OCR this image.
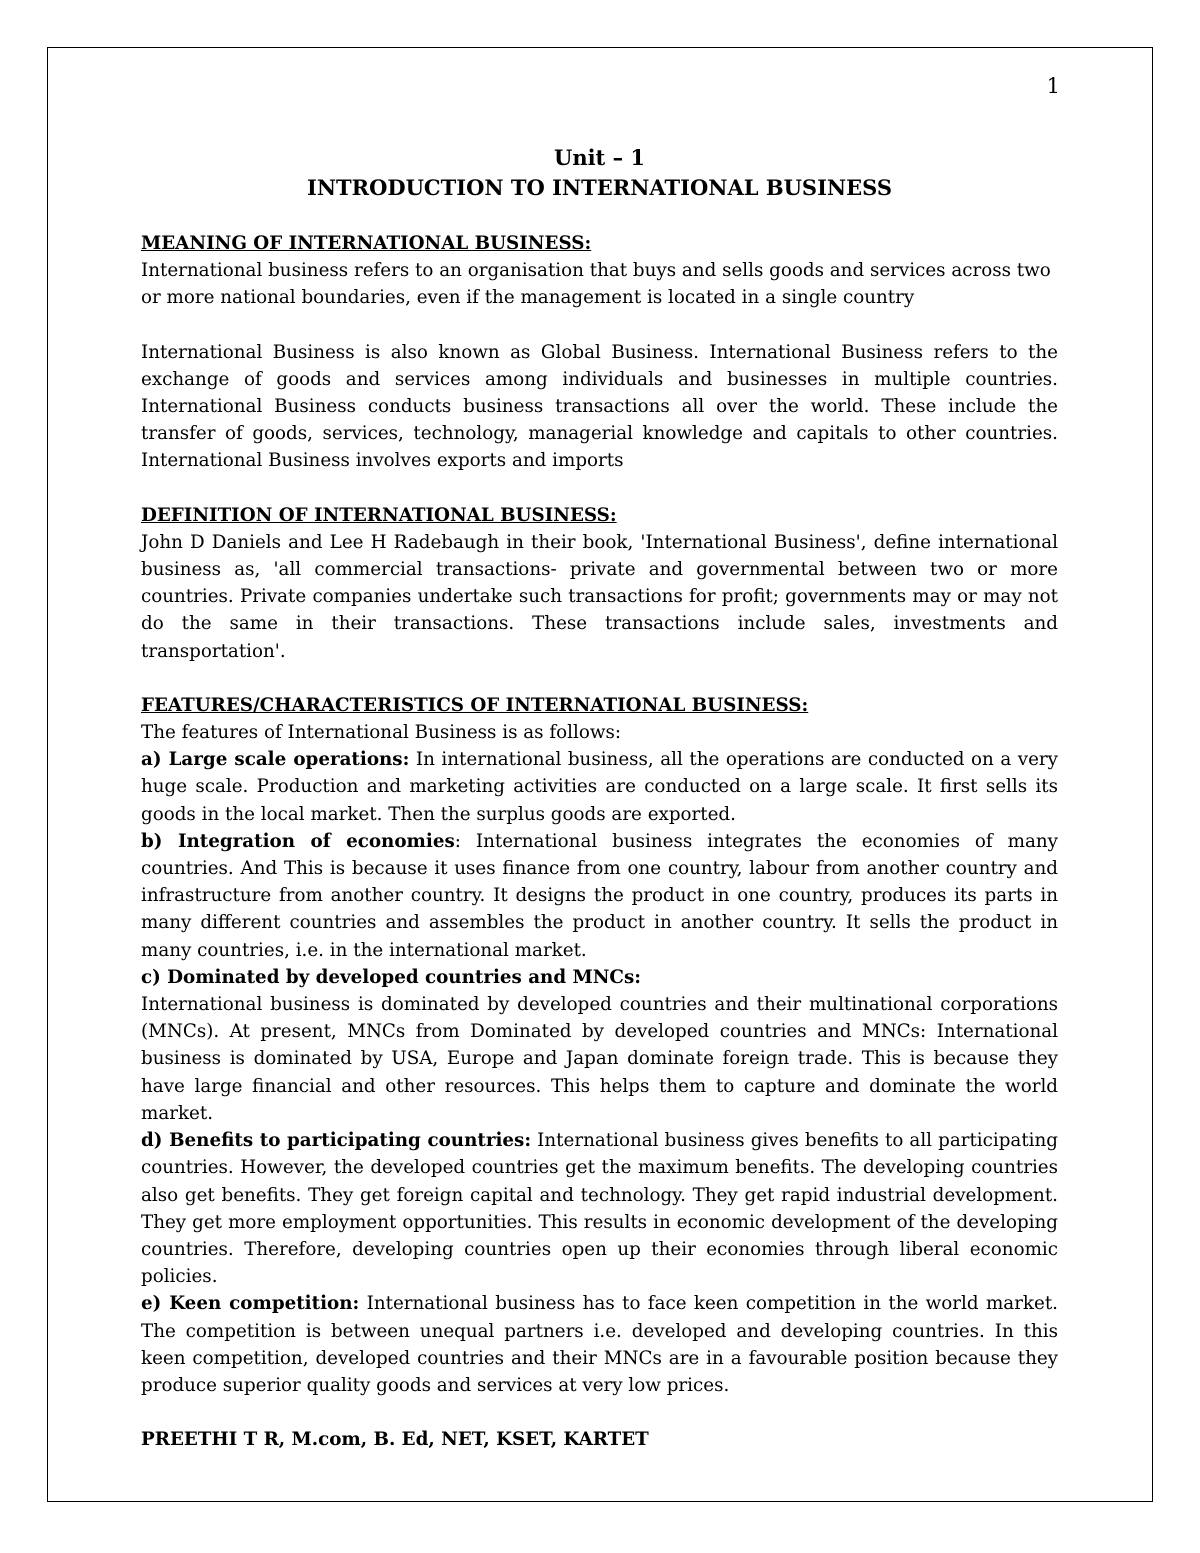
1
Unit – 1
INTRODUCTION TO INTERNATIONAL BUSINESS
MEANING OF INTERNATIONAL BUSINESS:

International business refers to an organisation that buys and sells goods and services across two or more national boundaries, even if the management is located in a single country

International Business is also known as Global Business. International Business refers to the exchange of goods and services among individuals and businesses in multiple countries. International Business conducts business transactions all over the world. These include the transfer of goods, services, technology, managerial knowledge and capitals to other countries. International Business involves exports and imports

DEFINITION OF INTERNATIONAL BUSINESS:

John D Daniels and Lee H Radebaugh in their book, 'International Business', define international business as, 'all commercial transactions- private and governmental between two or more countries. Private companies undertake such transactions for profit; governments may or may not do the same in their transactions. These transactions include sales, investments and transportation'.

FEATURES/CHARACTERISTICS OF INTERNATIONAL BUSINESS:

The features of International Business is as follows:

a) Large scale operations: In international business, all the operations are conducted on a very huge scale. Production and marketing activities are conducted on a large scale. It first sells its goods in the local market. Then the surplus goods are exported.

b) Integration of economies: International business integrates the economies of many countries. And This is because it uses finance from one country, labour from another country and infrastructure from another country. It designs the product in one country, produces its parts in many different countries and assembles the product in another country. It sells the product in many countries, i.e. in the international market.

c) Dominated by developed countries and MNCs:

International business is dominated by developed countries and their multinational corporations (MNCs). At present, MNCs from Dominated by developed countries and MNCs: International business is dominated by USA, Europe and Japan dominate foreign trade. This is because they have large financial and other resources. This helps them to capture and dominate the world market.

d) Benefits to participating countries: International business gives benefits to all participating countries. However, the developed countries get the maximum benefits. The developing countries also get benefits. They get foreign capital and technology. They get rapid industrial development. They get more employment opportunities. This results in economic development of the developing countries. Therefore, developing countries open up their economies through liberal economic policies.

e) Keen competition: International business has to face keen competition in the world market. The competition is between unequal partners i.e. developed and developing countries. In this keen competition, developed countries and their MNCs are in a favourable position because they produce superior quality goods and services at very low prices.

PREETHI T R, M.com, B. Ed, NET, KSET, KARTET
